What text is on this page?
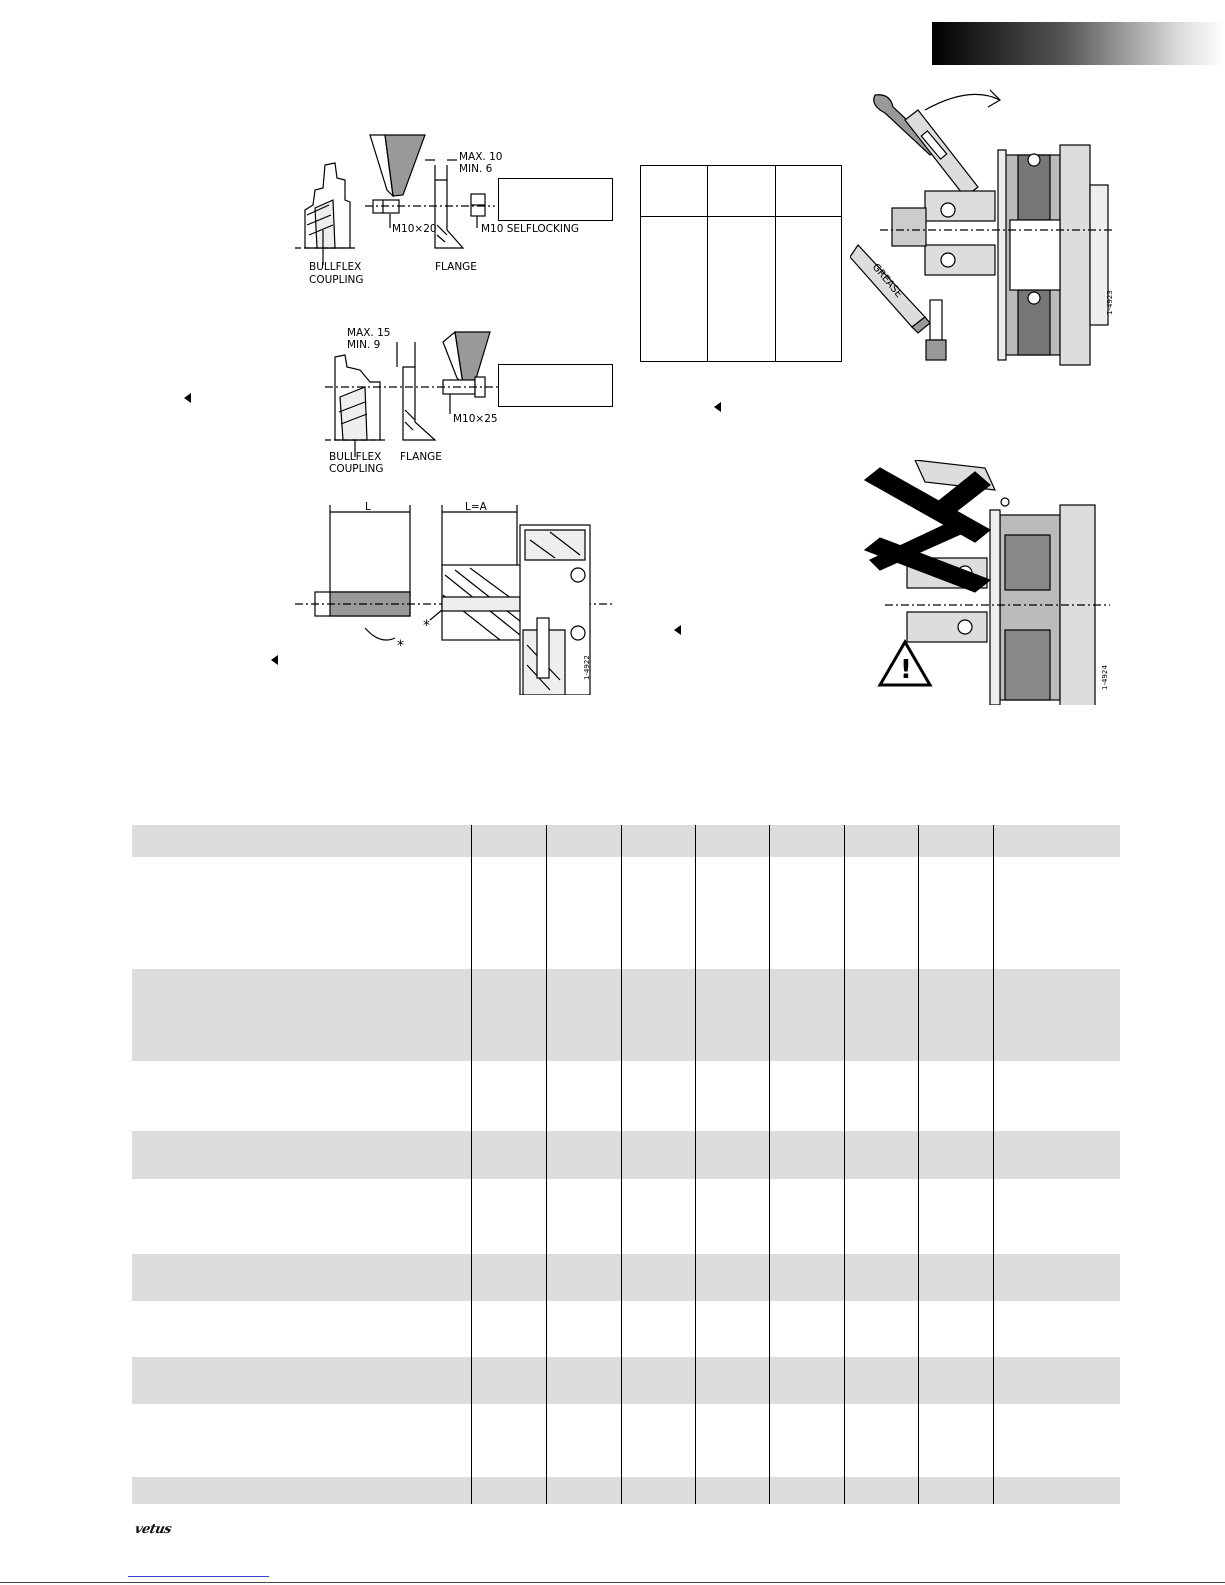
MAX. 10
MIN. 6
M10×20	M10 SELFLOCKING
BULLFLEX
COUPLING
FLANGE
MAX. 15
MIN. 9
M10×25
BULLFLEX
COUPLING
FLANGE
L	L=A
*
*
1-4922
GREASE
1-4923
!	1-4924
vetus
